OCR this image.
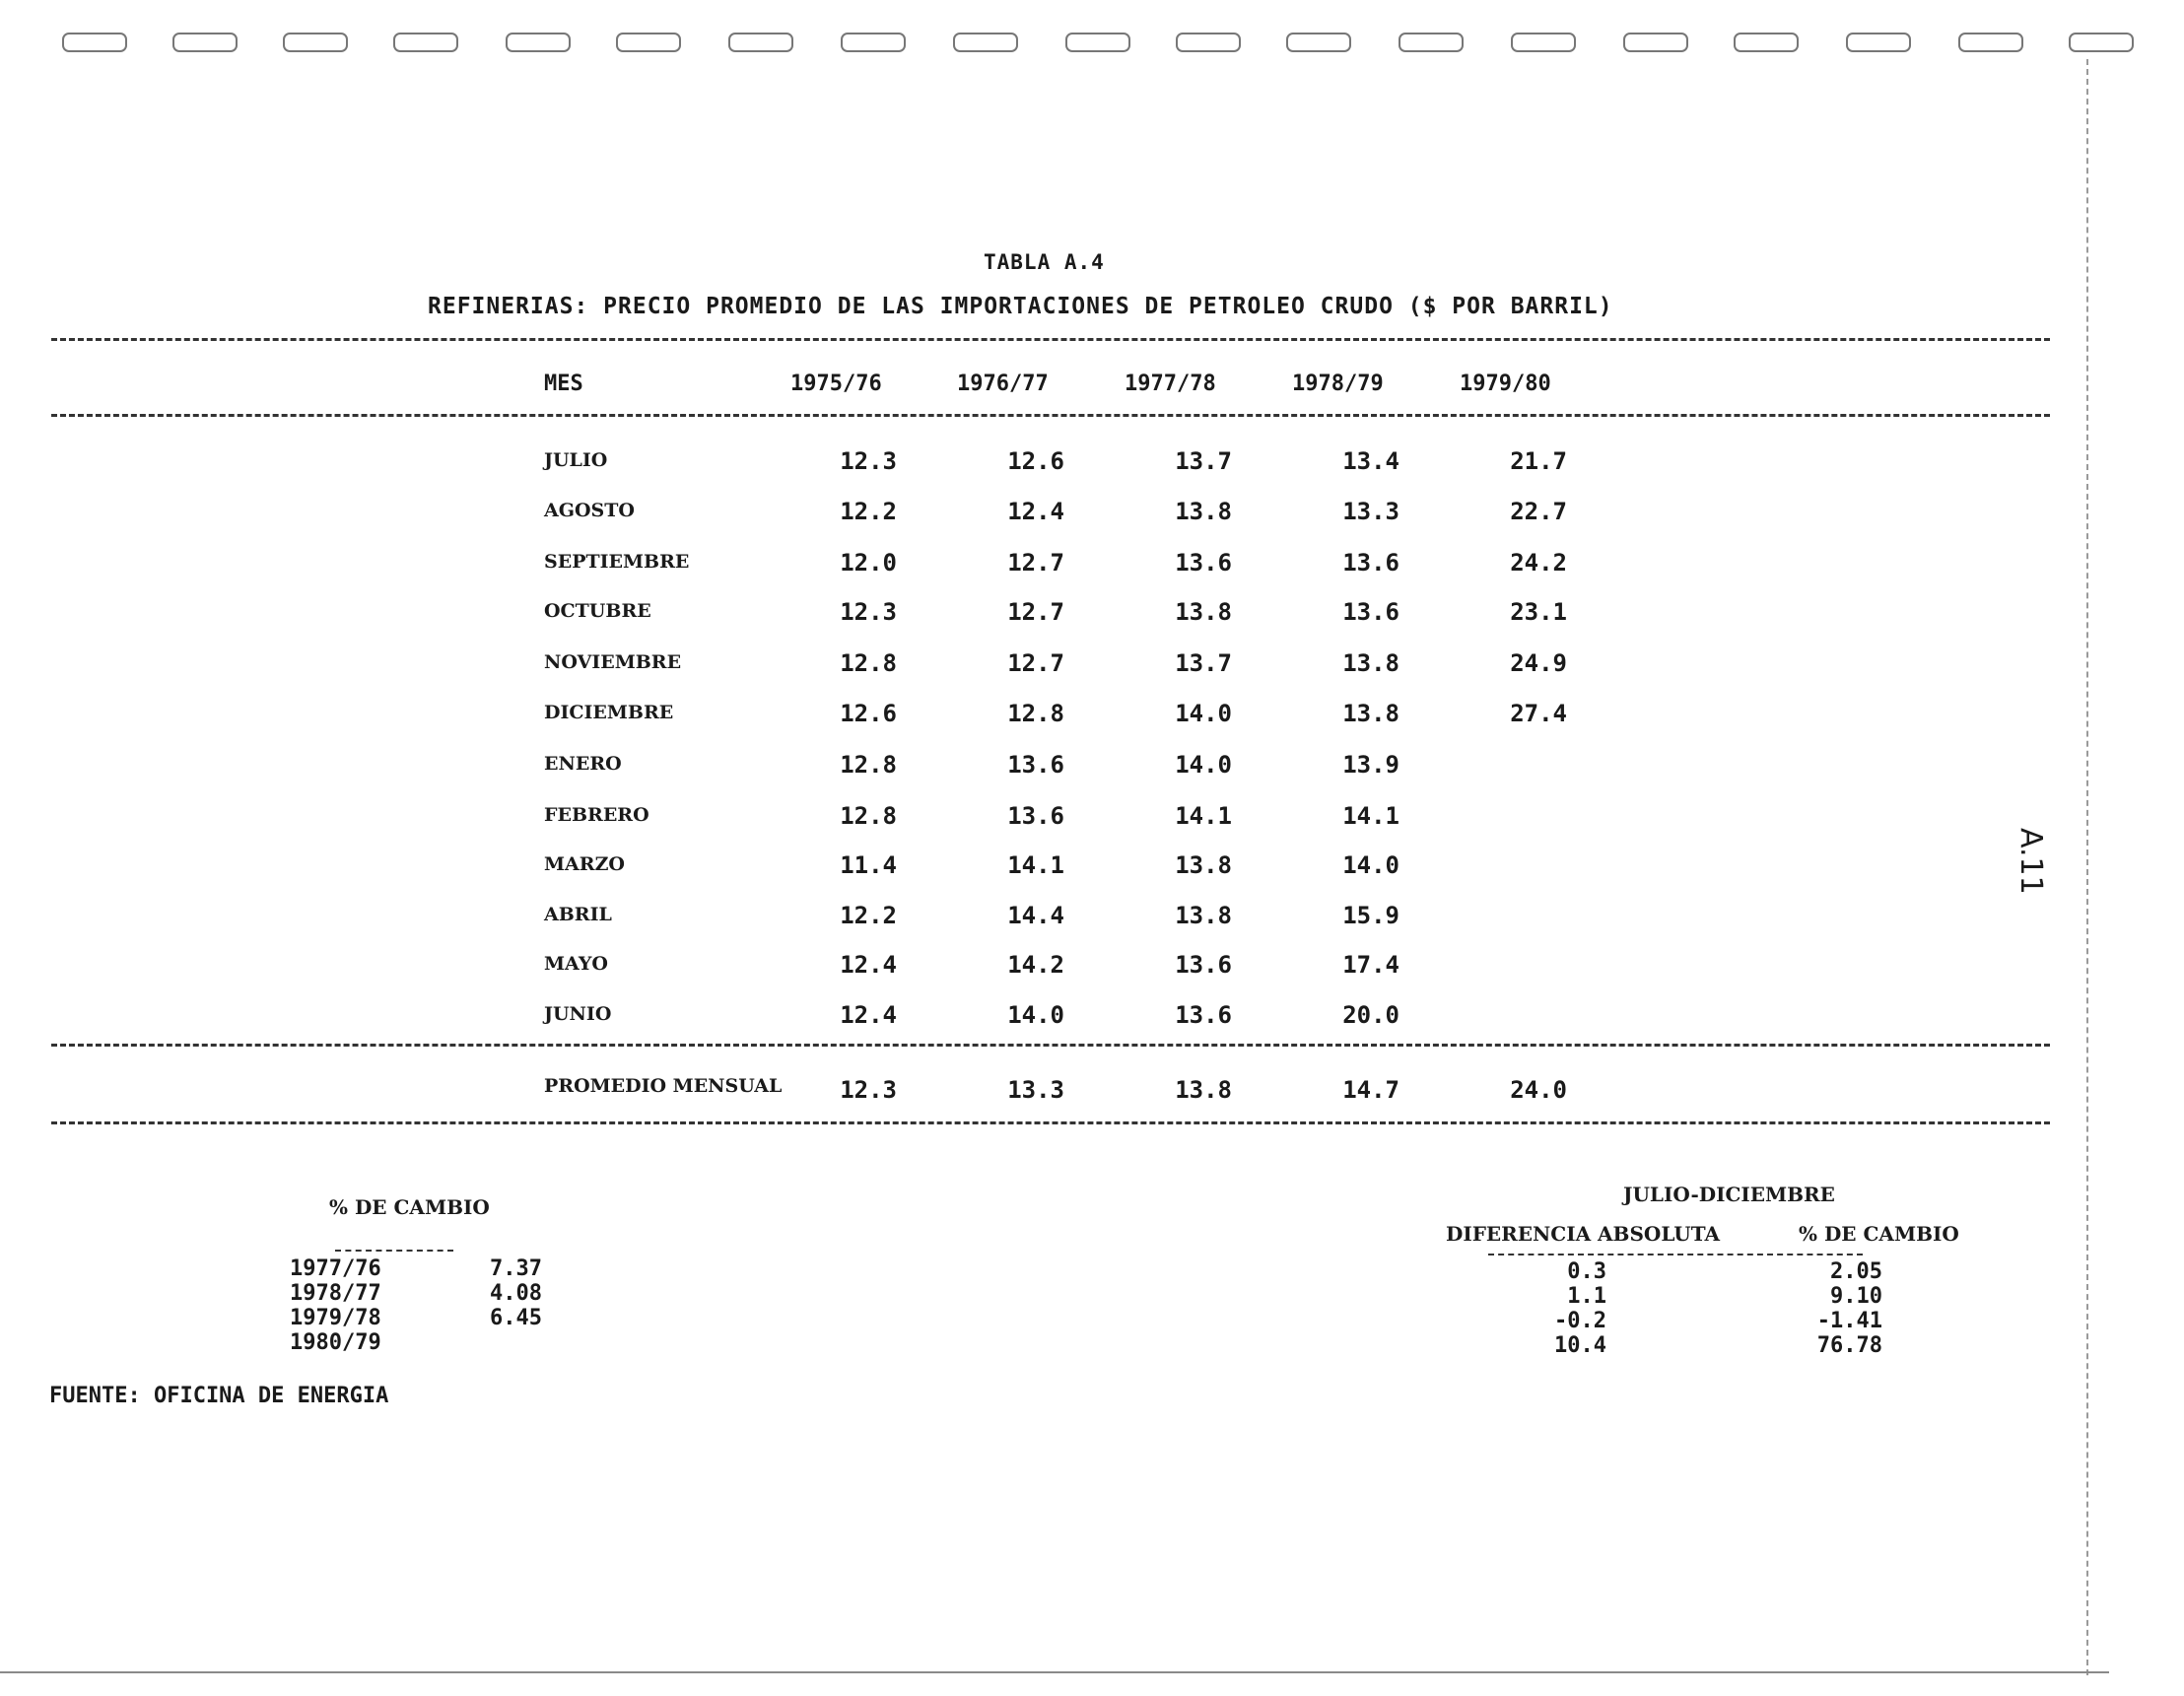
TABLA A.4
REFINERIAS: PRECIO PROMEDIO DE LAS IMPORTACIONES DE PETROLEO CRUDO ($ POR BARRIL)
MES	1975/76	1976/77	1977/78	1978/79	1979/80
JULIO	12.3	12.6	13.7	13.4	21.7
AGOSTO	12.2	12.4	13.8	13.3	22.7
SEPTIEMBRE	12.0	12.7	13.6	13.6	24.2
OCTUBRE	12.3	12.7	13.8	13.6	23.1
NOVIEMBRE	12.8	12.7	13.7	13.8	24.9
DICIEMBRE	12.6	12.8	14.0	13.8	27.4
ENERO	12.8	13.6	14.0	13.9
FEBRERO	12.8	13.6	14.1	14.1
MARZO	11.4	14.1	13.8	14.0
ABRIL	12.2	14.4	13.8	15.9
MAYO	12.4	14.2	13.6	17.4
JUNIO	12.4	14.0	13.6	20.0
PROMEDIO MENSUAL	12.3	13.3	13.8	14.7	24.0
% DE CAMBIO
1977/76	7.37
1978/77	4.08
1979/78	6.45
1980/79
JULIO-DICIEMBRE
DIFERENCIA ABSOLUTA	% DE CAMBIO
0.3	2.05
1.1	9.10
-0.2	-1.41
10.4	76.78
FUENTE: OFICINA DE ENERGIA
A.11
